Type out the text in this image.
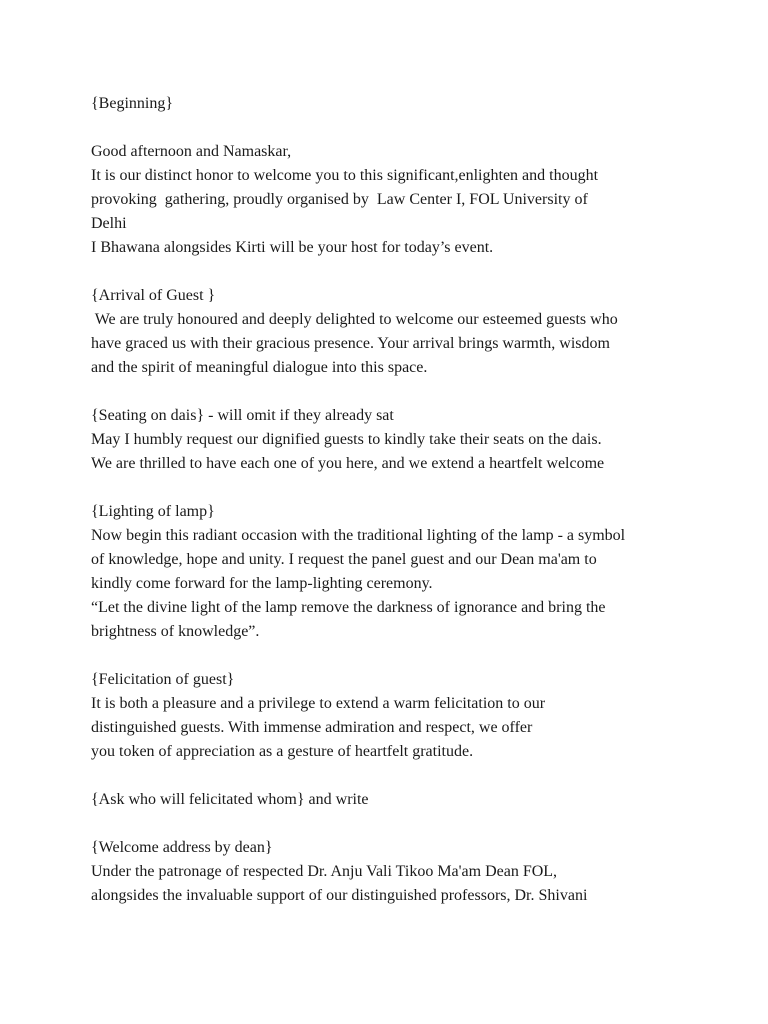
{Beginning}
Good afternoon and Namaskar,
It is our distinct honor to welcome you to this significant,enlighten and thought
provoking  gathering, proudly organised by  Law Center I, FOL University of
Delhi
I Bhawana alongsides Kirti will be your host for today’s event.
{Arrival of Guest }
We are truly honoured and deeply delighted to welcome our esteemed guests who
have graced us with their gracious presence. Your arrival brings warmth, wisdom
and the spirit of meaningful dialogue into this space.
{Seating on dais} - will omit if they already sat
May I humbly request our dignified guests to kindly take their seats on the dais.
We are thrilled to have each one of you here, and we extend a heartfelt welcome
{Lighting of lamp}
Now begin this radiant occasion with the traditional lighting of the lamp - a symbol
of knowledge, hope and unity. I request the panel guest and our Dean ma'am to
kindly come forward for the lamp-lighting ceremony.
“Let the divine light of the lamp remove the darkness of ignorance and bring the
brightness of knowledge”.
{Felicitation of guest}
It is both a pleasure and a privilege to extend a warm felicitation to our
distinguished guests. With immense admiration and respect, we offer
you token of appreciation as a gesture of heartfelt gratitude.
{Ask who will felicitated whom} and write
{Welcome address by dean}
Under the patronage of respected Dr. Anju Vali Tikoo Ma'am Dean FOL,
alongsides the invaluable support of our distinguished professors, Dr. Shivani
